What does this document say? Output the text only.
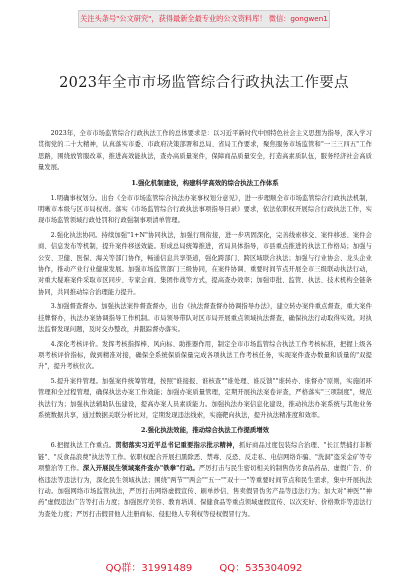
关注头条号"公文研究"，获得最新全最专业的公文资料库！ 微信：gongwen1
2023年全市市场监管综合行政执法工作要点

2023年，全市市场监管综合行政执法工作的总体要求是：以习近平新时代中国特色社会主义思想为指导，深入学习贯彻党的二十大精神，认真落实市委、市政府决策部署和总局、省局工作要求，聚焦服务市场监管和"一三三四五"工作思路，围绕放管服改革，推进高效能执法，查办高质量案件，保障商品质量安全，打造高素质队伍，服务经济社会高质量发展。

1.强化机制建设，构建科学高效的综合执法工作体系

1.明确事权划分。出台《全市市场监管综合执法办案事权划分意见》，进一步理顺全市市场监管综合行政执法机制，明晰市本级与区市局权责。落实《市场监管综合行政执法事项指导目录》要求，依法依职权开展综合行政执法工作，实现市场监管领域行政处罚和行政强制事项清单管理。

2.强化执法协同。持续加强"1+N"协同执法，加强行刑衔接，进一步巩固深化，完善线索移交、案件移送、案件会商、信息发布等机制，提升案件移送效能。形成总局统筹推进，省局具体指导，市县重点推进的执法工作格局；加强与公安、卫健、医保、海关等部门协作，畅通信息共享渠道，强化跨部门、跨区域联合执法；加强与行业协会、龙头企业协作，推动产业行业健康发展。加强市场监管部门三级协同，在案件协调、重要时间节点开展全市三级联动执法行动，对重大疑难案件采取市区同步、专家会商、集团作战等方式，提高查办效率；加强审批、监管、执法、技术机构全链条协同，共同推动综合治理能力提升。

3.加强督查督办。加强执法案件督查督办，出台《执法督查督办协调指导办法》，建立转办案件重点督查，重大案件挂牌督办，执法办案协调指导工作机制。市局领导带队对区市局开展重点领域执法督查，确保执法行动取得实效。对执法监督发现问题，及时交办整改，并跟踪督办落实。

4.深化考核评价。发挥考核指挥棒、风向标、助推器作用，制定全市市场监管综合执法工作考核标准，把握上级各项考核评价指标，做到精准对接，确保全系统保质保量完成各项执法工作考核任务，实现案件查办数量和质量的"双提升"，提升考核位次。

5.提升案件管理。加强案件统筹管理，按照"谁接报、谁核查""谁处理、谁反馈""谁转办、谁督办"原则，实施闭环管理和全过程管理，确保执法办案工作效能；加强办案质量管理，定期开展执法案卷评查，严格落实"三项制度"，规范执法行为；加强执法辅助队伍建设，提高办案人员素质能力。加强执法办案信息化建设，推动执法办案系统与其他业务系统数据共享，通过数据关联分析比对，定期发现违法线索，实施靶向执法，提升执法精准度和效率。

2.强化执法效能，推动综合执法工作提质增效

6.把握执法工作重点。贯彻落实习近平总书记重要指示批示精神，抓好商品过度包装综合治理、"长江禁捕打非断链"、"反食品浪费"执法等工作。依职权配合开展扫黑除恶、禁毒、反恐、反走私、电信网络诈骗、"洗洞"盗采金矿等专项整治等工作。深入开展民生领域案件查办"铁拳"行动。严厉打击与民生密切相关的制售伪劣食品药品、虚假广告、价格违法等违法行为，深化民生领域执法；围绕"两节""两会""五一""双十一"等重要时间节点和民生需求，集中开展执法行动。加强网络市场监管执法，严厉打击网络虚假宣传、刷单炒信、售卖假冒伪劣产品等违法行为；加大对"神医""神药"虚假违法广告等打击力度；加强医疗美容、教育培训、保健食品等重点领域虚假宣传、以次充好、价格欺诈等违法行为查处力度；严厉打击假冒他人注册商标、侵犯他人专利权等侵权假冒行为。

QQ群：31991489	QQ：535304092
